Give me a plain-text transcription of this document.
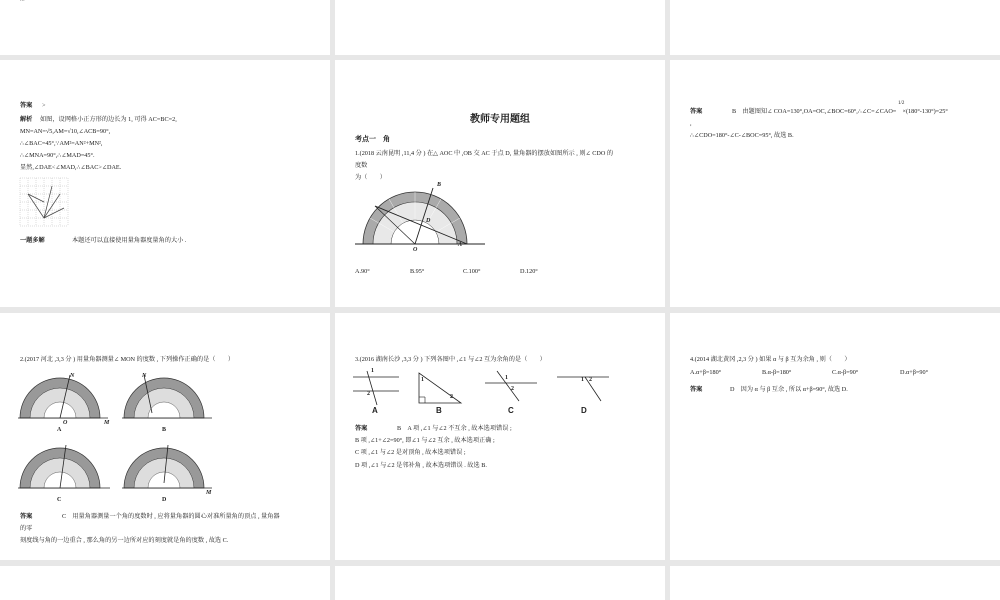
答案 >
解析 如图，设网格小正方形的边长为 1, 可得 AC=BC=2,
MN=AN=√5,AM=√10,∠ACB=90°,
∴∠BAC=45°,∵AM²=AN²+MN²,
∴∠MNA=90°,∴∠MAD=45°.
显然,∠DAE<∠MAD,∴∠BAC>∠DAE.
一题多解	本题还可以直接使用量角器度量角的大小 .
教师专用题组
考点一　角
1.(2018 云南昆明 ,11,4 分 ) 在△ AOC 中 ,OB 交 AC 于点 D, 量角器的摆放如图所示 , 则∠ CDO 的
度数
为（　　）
B
D
A
O
A.90°	B.95°	C.100°	D.120°
答案	B　由题图知∠ COA=130°,OA=OC,∠BOC=60°,∴∠C=∠CAO=　×(180°-130°)=25°
1/2
,
∴∠CDO=180°-∠C-∠BOC=95°, 故选 B.
2.(2017 河北 ,3,3 分 ) 用量角器测量∠ MON 的度数 , 下列操作正确的是（　　）
N
O	M
A
N
B
C
M
D
答案	C　用量角器测量一个角的度数时 , 应将量角器的圆心对准所量角的顶点 , 量角器
的零
刻度线与角的一边重合 , 那么角的另一边所对应的刻度就是角的度数 , 故选 C.
3.(2016 湖南长沙 ,3,3 分 ) 下列各图中 ,∠1 与∠2 互为余角的是（　　）
1
2
A
1
2
B
1
2
C
1 2
D
答案	B　A 项 ,∠1 与∠2 不互余 , 故本选项错误 ;
B 项 ,∠1+∠2=90°, 即∠1 与∠2 互余 , 故本选项正确 ;
C 项 ,∠1 与∠2 是对顶角 , 故本选项错误 ;
D 项 ,∠1 与∠2 是邻补角 , 故本选项错误 . 故选 B.
4.(2014 湖北黄冈 ,2,3 分 ) 如果 α 与 β 互为余角 , 则（　　）
A.α+β=180°	B.α-β=180°	C.α-β=90°	D.α+β=90°
答案	D　因为 α 与 β 互余 , 所以 α+β=90°, 故选 D.
